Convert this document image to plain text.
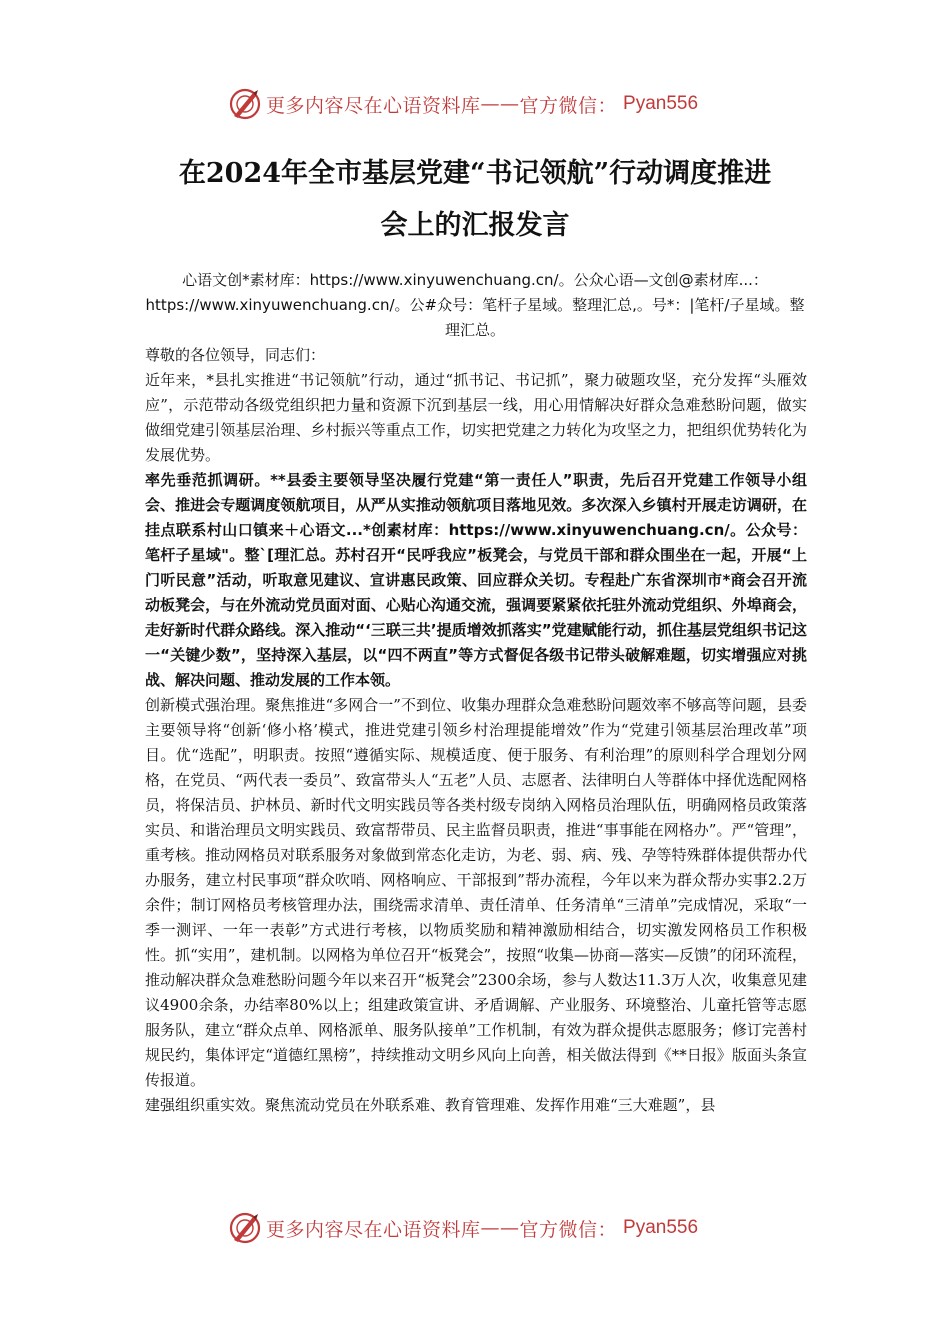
更多内容尽在心语资料库 —— 官方微信： Pyan556
在2024年全市基层党建“书记领航”行动调度推进
会上的汇报发言
心语文创*素材库：https://www.xinyuwenchuang.cn/。公众心语—文创@素材库...：https://www.xinyuwenchuang.cn/。公#众号：笔杆子星域。整理汇总,。号*：|笔杆/子星域。整理汇总。

尊敬的各位领导，同志们：

近年来，*县扎实推进“书记领航”行动，通过“抓书记、书记抓”，聚力破题攻坚，充分发挥“头雁效应”，示范带动各级党组织把力量和资源下沉到基层一线，用心用情解决好群众急难愁盼问题，做实做细党建引领基层治理、乡村振兴等重点工作，切实把党建之力转化为攻坚之力，把组织优势转化为发展优势。

率先垂范抓调研。**县委主要领导坚决履行党建“第一责任人”职责，先后召开党建工作领导小组会、推进会专题调度领航项目，从严从实推动领航项目落地见效。多次深入乡镇村开展走访调研，在挂点联系村山口镇来＋心语文...*创素材库：https://www.xinyuwenchuang.cn/。公众号：笔杆子星域"。整`[理汇总。苏村召开“民呼我应”板凳会，与党员干部和群众围坐在一起，开展“上门听民意”活动，听取意见建议、宣讲惠民政策、回应群众关切。专程赴广东省深圳市*商会召开流动板凳会，与在外流动党员面对面、心贴心沟通交流，强调要紧紧依托驻外流动党组织、外埠商会，走好新时代群众路线。深入推动“‘三联三共’提质增效抓落实”党建赋能行动，抓住基层党组织书记这一“关键少数”，坚持深入基层，以“四不两直”等方式督促各级书记带头破解难题，切实增强应对挑战、解决问题、推动发展的工作本领。

创新模式强治理。聚焦推进“多网合一”不到位、收集办理群众急难愁盼问题效率不够高等问题，县委主要领导将“创新‘修小格’模式，推进党建引领乡村治理提能增效”作为“党建引领基层治理改革”项目。优“选配”，明职责。按照“遵循实际、规模适度、便于服务、有利治理”的原则科学合理划分网格，在党员、“两代表一委员”、致富带头人“五老”人员、志愿者、法律明白人等群体中择优选配网格员，将保洁员、护林员、新时代文明实践员等各类村级专岗纳入网格员治理队伍，明确网格员政策落实员、和谐治理员文明实践员、致富帮带员、民主监督员职责，推进“事事能在网格办”。严“管理”，重考核。推动网格员对联系服务对象做到常态化走访，为老、弱、病、残、孕等特殊群体提供帮办代办服务，建立村民事项“群众吹哨、网格响应、干部报到”帮办流程，今年以来为群众帮办实事2.2万余件；制订网格员考核管理办法，围绕需求清单、责任清单、任务清单“三清单”完成情况，采取“一季一测评、一年一表彰”方式进行考核，以物质奖励和精神激励相结合，切实激发网格员工作积极性。抓“实用”，建机制。以网格为单位召开“板凳会”，按照“收集—协商—落实—反馈”的闭环流程，推动解决群众急难愁盼问题今年以来召开“板凳会”2300余场，参与人数达11.3万人次，收集意见建议4900余条，办结率80%以上；组建政策宣讲、矛盾调解、产业服务、环境整治、儿童托管等志愿服务队，建立“群众点单、网格派单、服务队接单”工作机制，有效为群众提供志愿服务；修订完善村规民约，集体评定“道德红黑榜”，持续推动文明乡风向上向善，相关做法得到《**日报》版面头条宣传报道。

建强组织重实效。聚焦流动党员在外联系难、教育管理难、发挥作用难“三大难题”，县

更多内容尽在心语资料库 —— 官方微信： Pyan556
